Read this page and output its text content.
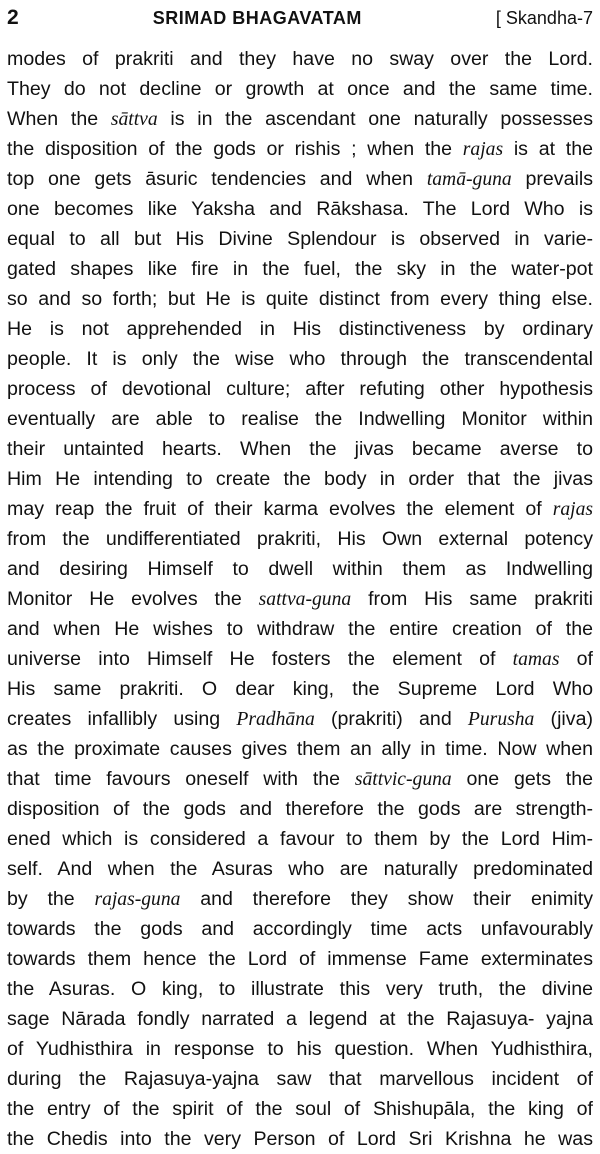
2	SRIMAD BHAGAVATAM	[ Skandha-7
modes of prakriti and they have no sway over the Lord.
They do not decline or growth at once and the same time.
When the sāttva is in the ascendant one naturally possesses
the disposition of the gods or rishis ; when the rajas is at the
top one gets āsuric tendencies and when tamā-guna prevails
one becomes like Yaksha and Rākshasa. The Lord Who is
equal to all but His Divine Splendour is observed in varie-
gated shapes like fire in the fuel, the sky in the water-pot
so and so forth; but He is quite distinct from every thing else.
He is not apprehended in His distinctiveness by ordinary
people. It is only the wise who through the transcendental
process of devotional culture; after refuting other hypothesis
eventually are able to realise the Indwelling Monitor within
their untainted hearts. When the jivas became averse to
Him He intending to create the body in order that the jivas
may reap the fruit of their karma evolves the element of rajas
from the undifferentiated prakriti, His Own external potency
and desiring Himself to dwell within them as Indwelling
Monitor He evolves the sattva-guna from His same prakriti
and when He wishes to withdraw the entire creation of the
universe into Himself He fosters the element of tamas of
His same prakriti. O dear king, the Supreme Lord Who
creates infallibly using Pradhāna (prakriti) and Purusha (jiva)
as the proximate causes gives them an ally in time. Now when
that time favours oneself with the sāttvic-guna one gets the
disposition of the gods and therefore the gods are strength-
ened which is considered a favour to them by the Lord Him-
self. And when the Asuras who are naturally predominated
by the rajas-guna and therefore they show their enimity
towards the gods and accordingly time acts unfavourably
towards them hence the Lord of immense Fame exterminates
the Asuras. O king, to illustrate this very truth, the divine
sage Nārada fondly narrated a legend at the Rajasuya- yajna
of Yudhisthira in response to his question. When Yudhisthira,
during the Rajasuya-yajna saw that marvellous incident of
the entry of the spirit of the soul of Shishupāla, the king of
the Chedis into the very Person of Lord Sri Krishna he was
